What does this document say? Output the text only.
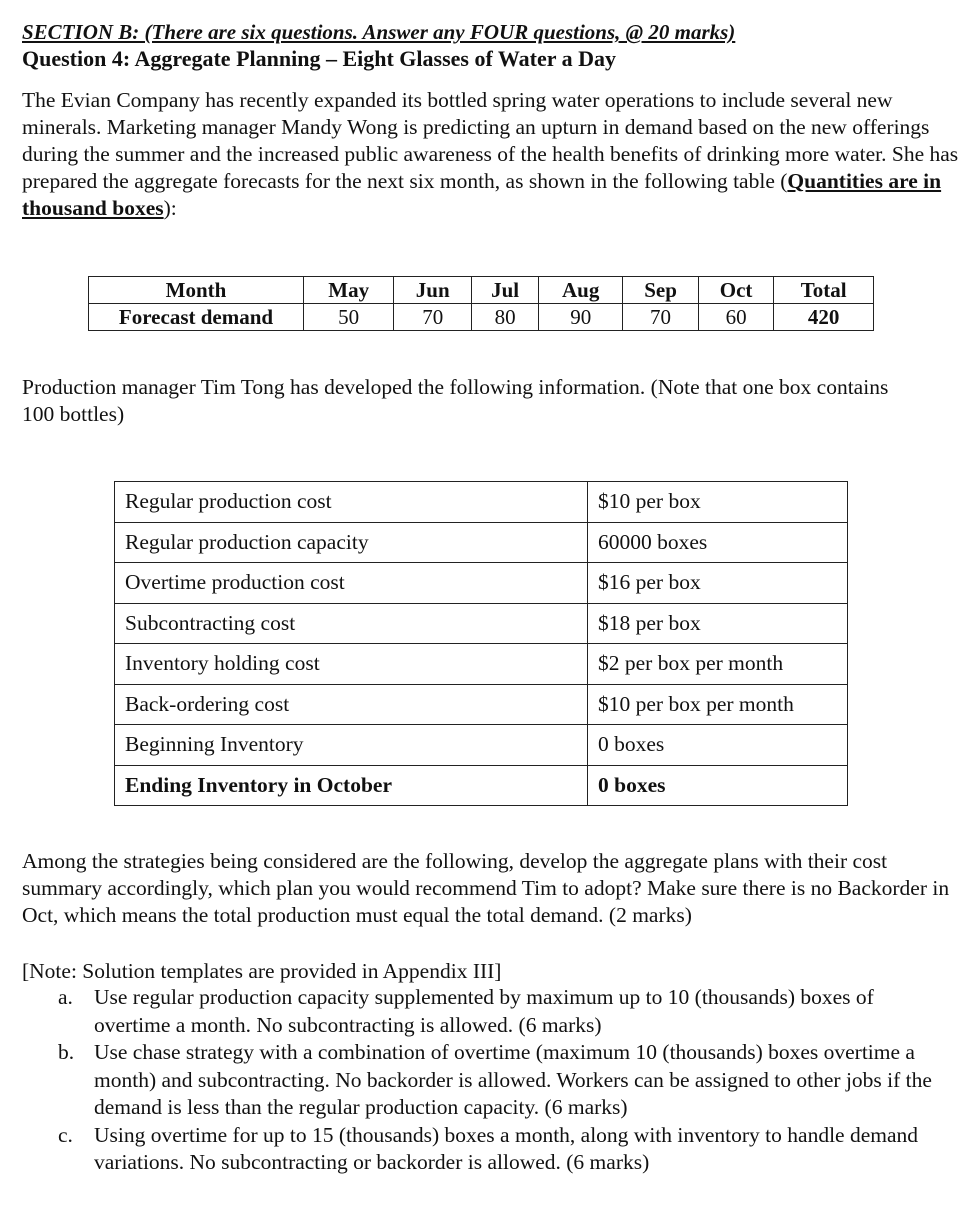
SECTION B: (There are six questions. Answer any FOUR questions, @ 20 marks)
Question 4: Aggregate Planning – Eight Glasses of Water a Day
The Evian Company has recently expanded its bottled spring water operations to include several new minerals. Marketing manager Mandy Wong is predicting an upturn in demand based on the new offerings during the summer and the increased public awareness of the health benefits of drinking more water. She has prepared the aggregate forecasts for the next six month, as shown in the following table (Quantities are in thousand boxes):
Month	May	Jun	Jul	Aug	Sep	Oct	Total
Forecast demand	50	70	80	90	70	60	420
Production manager Tim Tong has developed the following information. (Note that one box contains 100 bottles)
Regular production cost	$10 per box
Regular production capacity	60000 boxes
Overtime production cost	$16 per box
Subcontracting cost	$18 per box
Inventory holding cost	$2 per box per month
Back-ordering cost	$10 per box per month
Beginning Inventory	0 boxes
Ending Inventory in October	0 boxes
Among the strategies being considered are the following, develop the aggregate plans with their cost summary accordingly, which plan you would recommend Tim to adopt? Make sure there is no Backorder in Oct, which means the total production must equal the total demand. (2 marks)
[Note: Solution templates are provided in Appendix III]
a. Use regular production capacity supplemented by maximum up to 10 (thousands) boxes of overtime a month. No subcontracting is allowed. (6 marks)
b. Use chase strategy with a combination of overtime (maximum 10 (thousands) boxes overtime a month) and subcontracting. No backorder is allowed. Workers can be assigned to other jobs if the demand is less than the regular production capacity. (6 marks)
c. Using overtime for up to 15 (thousands) boxes a month, along with inventory to handle demand variations. No subcontracting or backorder is allowed. (6 marks)
